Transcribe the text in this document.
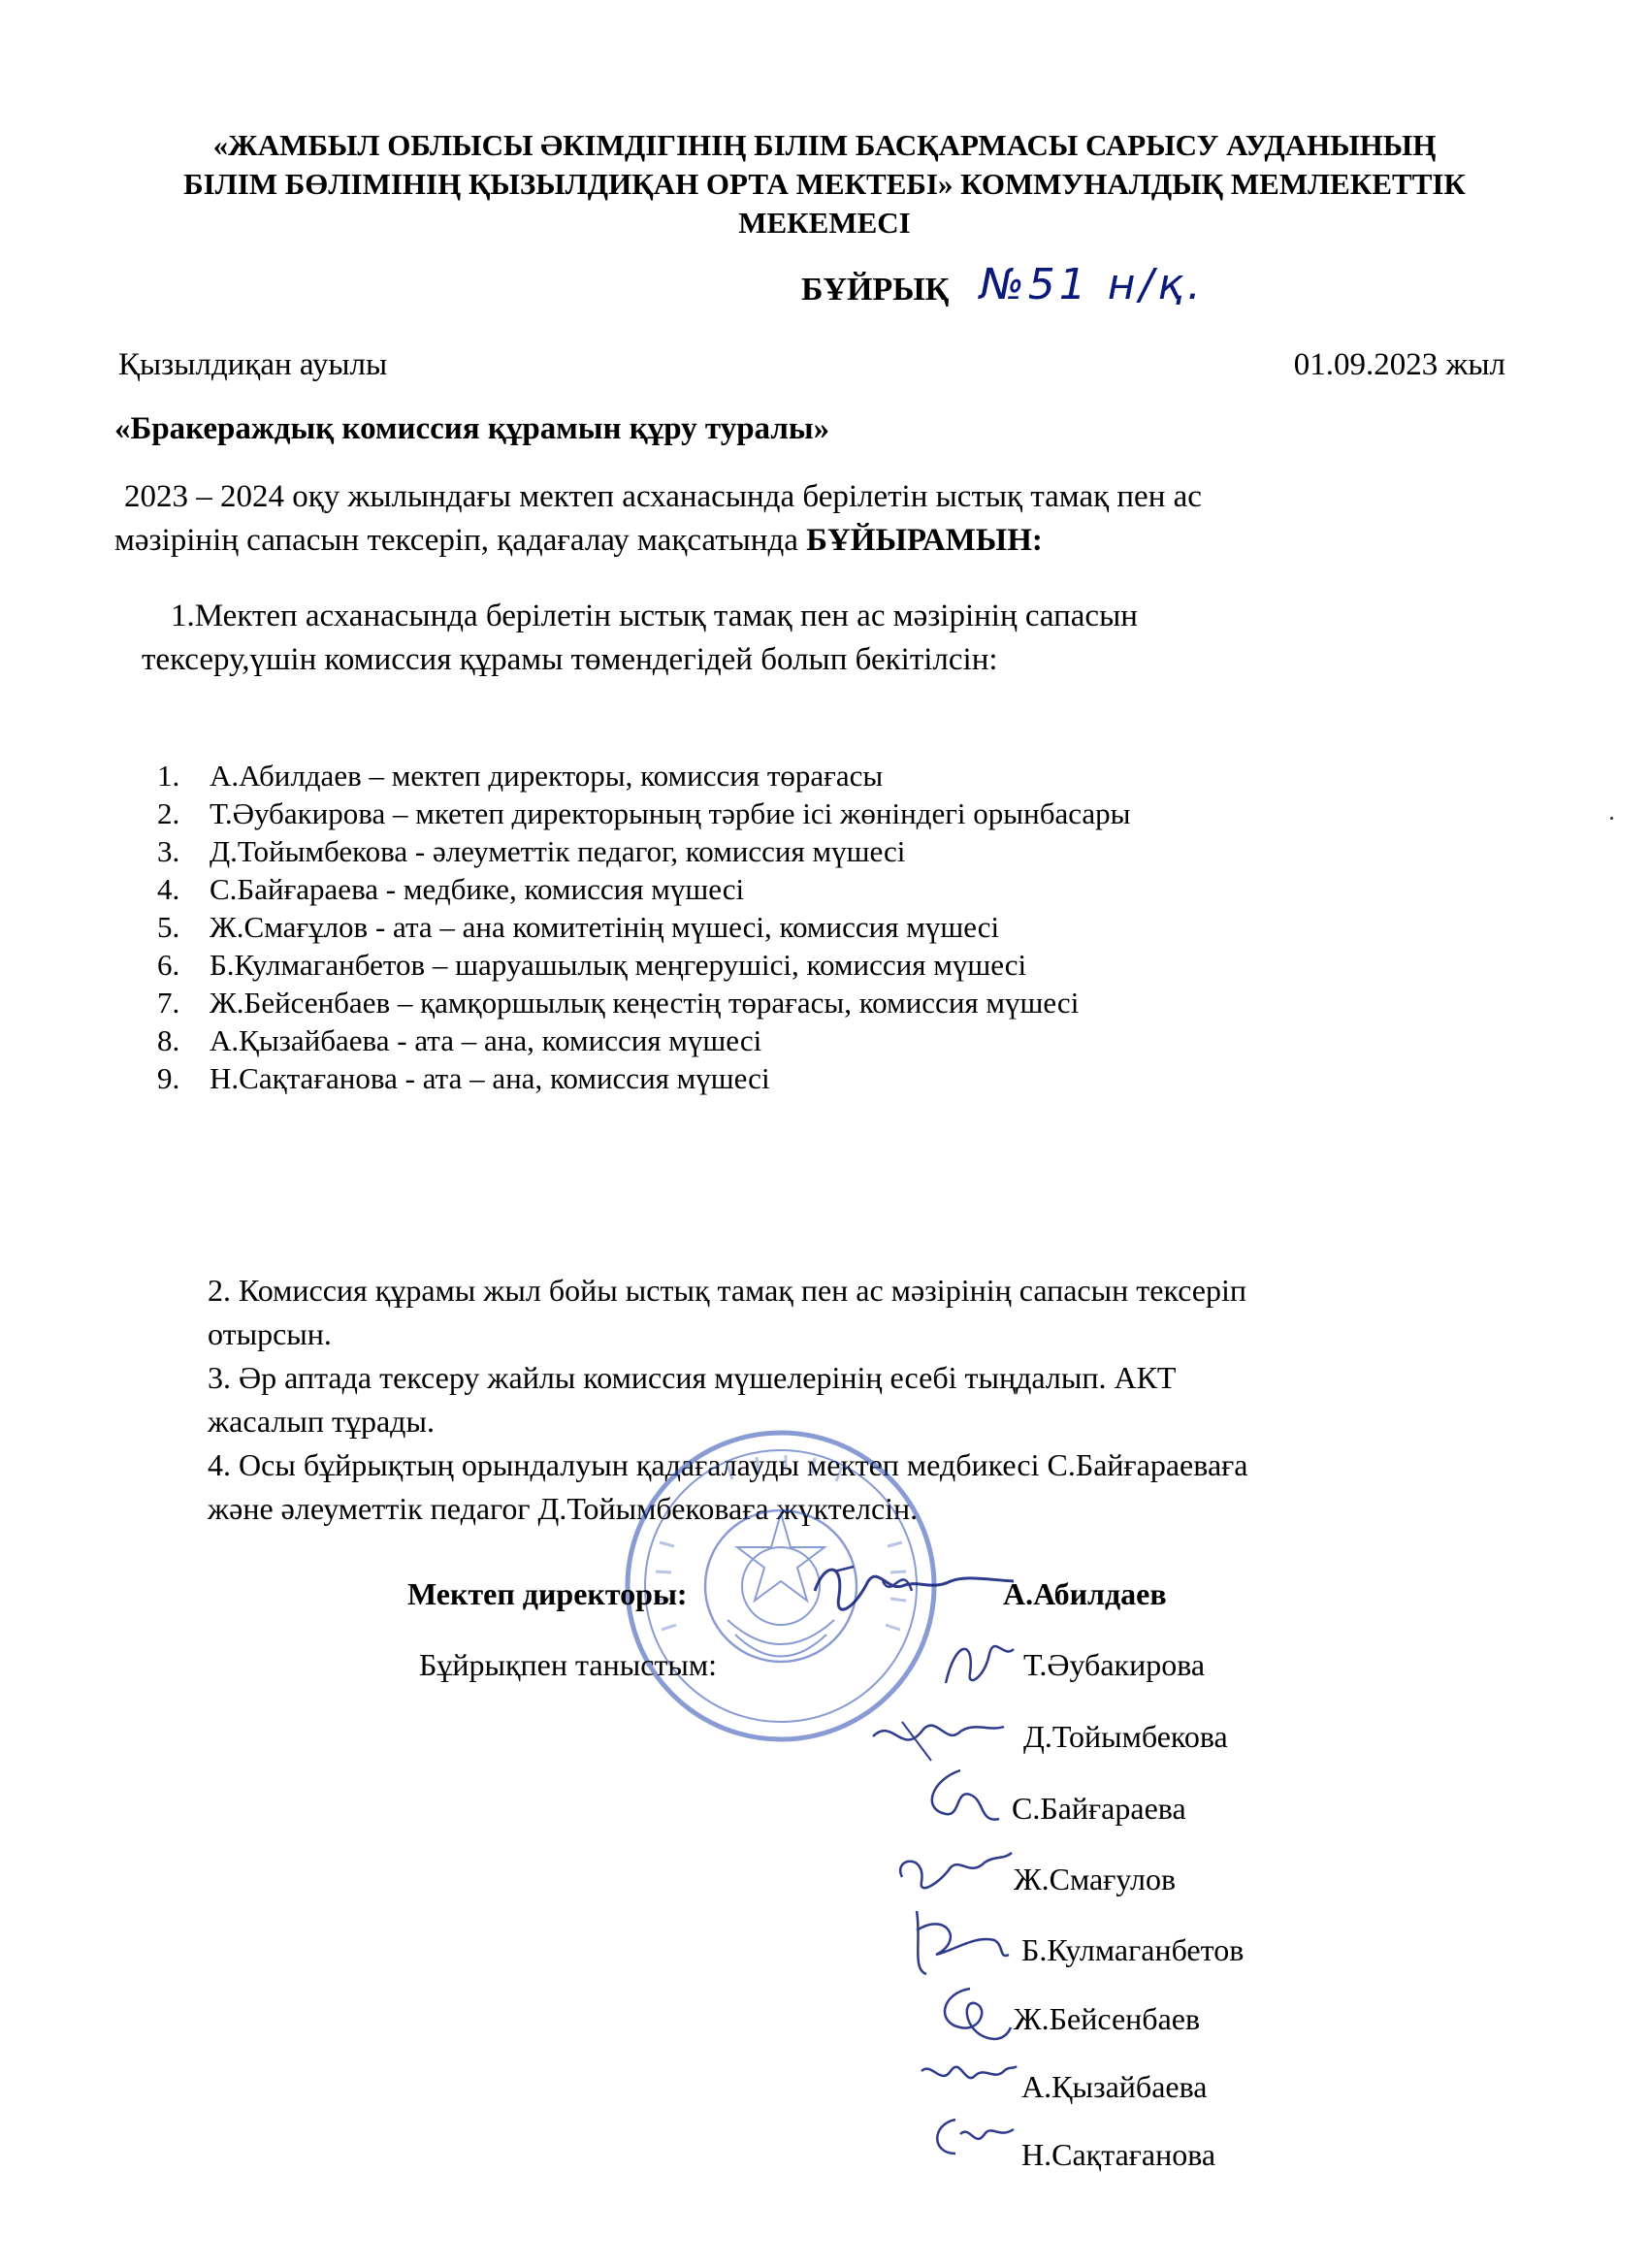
«ЖАМБЫЛ ОБЛЫСЫ ӘКІМДІГІНІҢ БІЛІМ БАСҚАРМАСЫ САРЫСУ АУДАНЫНЫҢ
БІЛІМ БӨЛІМІНІҢ ҚЫЗЫЛДИҚАН ОРТА МЕКТЕБІ» КОММУНАЛДЫҚ МЕМЛЕКЕТТІК
МЕКЕМЕСІ
БҰЙРЫҚ №51 н/қ.
Қызылдиқан ауылы	01.09.2023 жыл
«Бракераждық комиссия құрамын құру туралы»
2023 – 2024 оқу жылындағы мектеп асханасында берілетін ыстық тамақ пен ас
мәзірінің сапасын тексеріп, қадағалау мақсатында БҰЙЫРАМЫН:
1.Мектеп асханасында берілетін ыстық тамақ пен ас мәзірінің сапасын
тексеру,үшін комиссия құрамы төмендегідей болып бекітілсін:
1. А.Абилдаев – мектеп директоры, комиссия төрағасы
2. Т.Әубакирова – мкетеп директорының тәрбие ісі жөніндегі орынбасары
3. Д.Тойымбекова - әлеуметтік педагог, комиссия мүшесі
4. С.Байғараева - медбике, комиссия мүшесі
5. Ж.Смағұлов - ата – ана комитетінің мүшесі, комиссия мүшесі
6. Б.Кулмаганбетов – шаруашылық меңгерушісі, комиссия мүшесі
7. Ж.Бейсенбаев – қамқоршылық кеңестің төрағасы, комиссия мүшесі
8. А.Қызайбаева - ата – ана, комиссия мүшесі
9. Н.Сақтағанова - ата – ана, комиссия мүшесі
2. Комиссия құрамы жыл бойы ыстық тамақ пен ас мәзірінің сапасын тексеріп
отырсын.
3. Әр аптада тексеру жайлы комиссия мүшелерінің есебі тыңдалып. АКТ
жасалып тұрады.
4. Осы бұйрықтың орындалуын қадағалауды мектеп медбикесі С.Байғараеваға
және әлеуметтік педагог Д.Тойымбековаға жүктелсін.
Мектеп директоры:	А.Абилдаев
Бұйрықпен таныстым:	Т.Әубакирова
Д.Тойымбекова
С.Байғараева
Ж.Смағулов
Б.Кулмаганбетов
Ж.Бейсенбаев
А.Қызайбаева
Н.Сақтағанова
